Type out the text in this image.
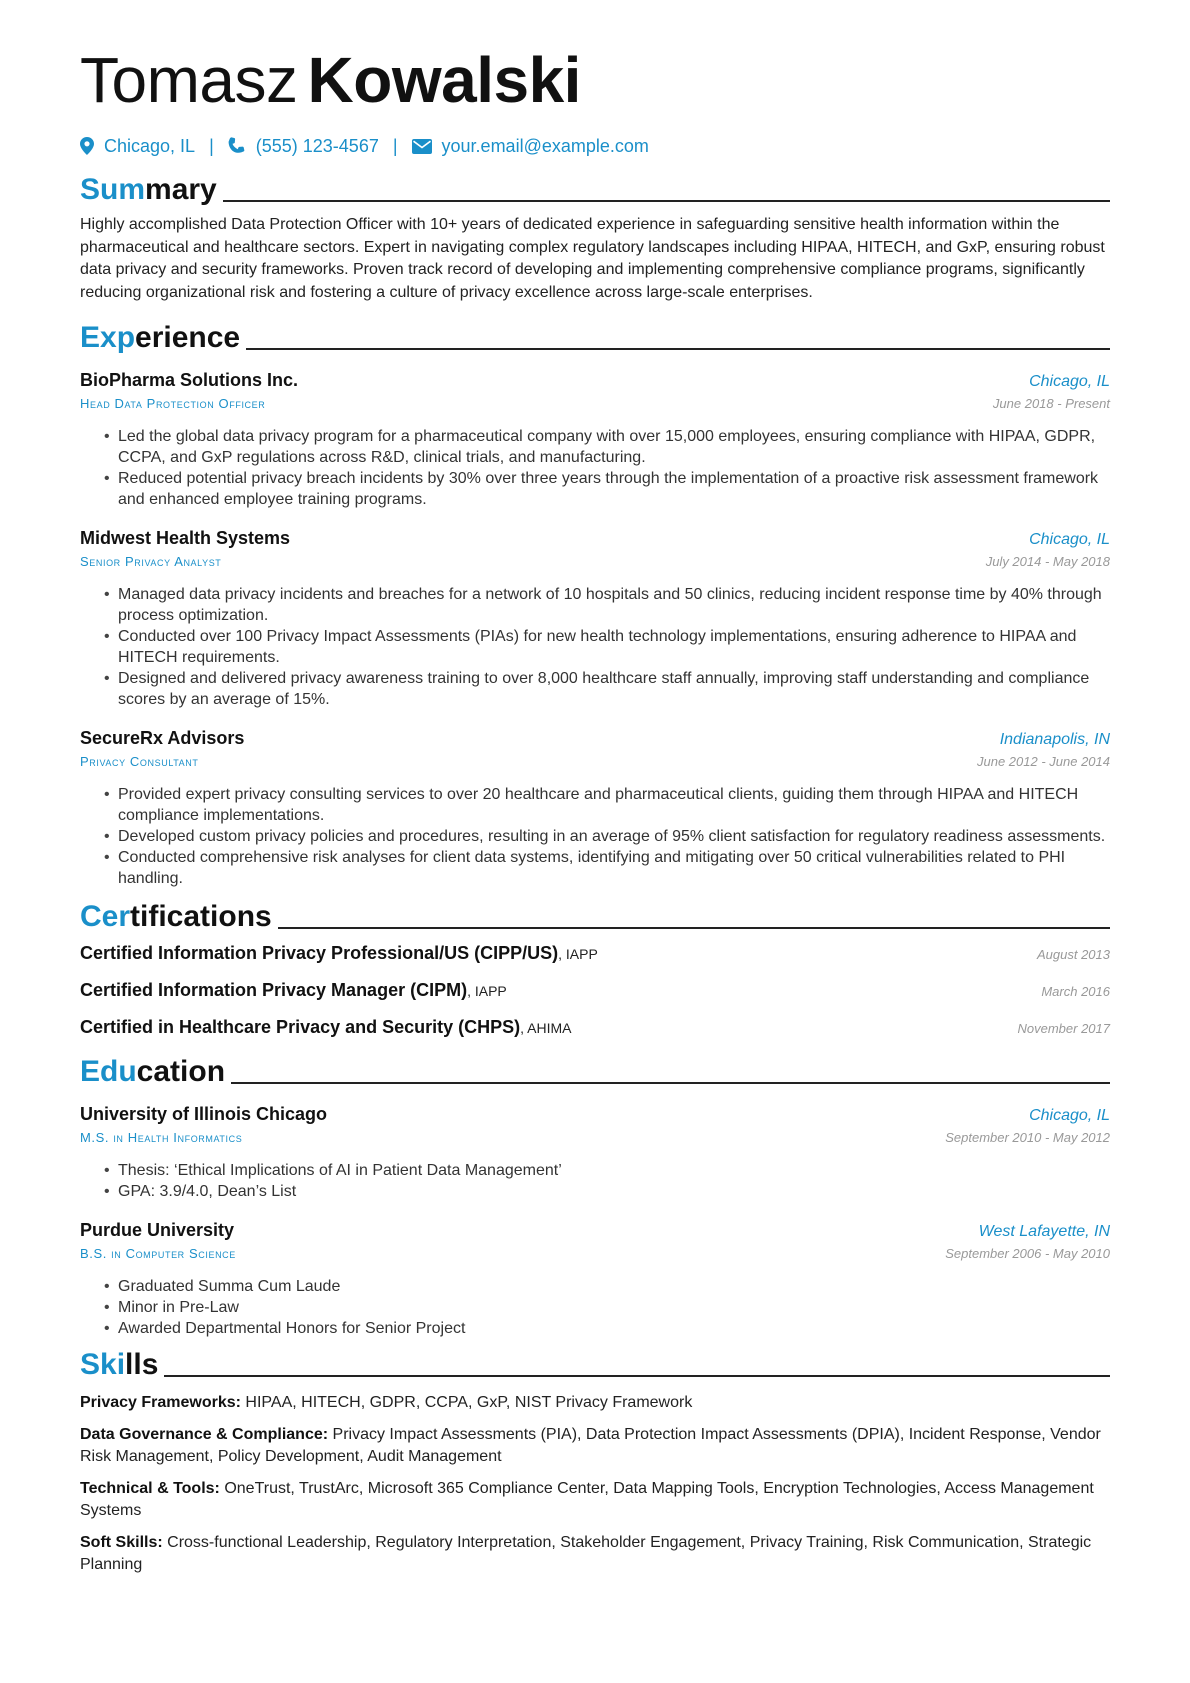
Tomasz Kowalski
Chicago, IL | (555) 123-4567 | your.email@example.com
Summary

Highly accomplished Data Protection Officer with 10+ years of dedicated experience in safeguarding sensitive health information within the pharmaceutical and healthcare sectors. Expert in navigating complex regulatory landscapes including HIPAA, HITECH, and GxP, ensuring robust data privacy and security frameworks. Proven track record of developing and implementing comprehensive compliance programs, significantly reducing organizational risk and fostering a culture of privacy excellence across large-scale enterprises.

Experience
BioPharma Solutions Inc.	Chicago, IL
Head Data Protection Officer	June 2018 - Present
• Led the global data privacy program for a pharmaceutical company with over 15,000 employees, ensuring compliance with HIPAA, GDPR, CCPA, and GxP regulations across R&D, clinical trials, and manufacturing.
• Reduced potential privacy breach incidents by 30% over three years through the implementation of a proactive risk assessment framework and enhanced employee training programs.
Midwest Health Systems	Chicago, IL
Senior Privacy Analyst	July 2014 - May 2018
• Managed data privacy incidents and breaches for a network of 10 hospitals and 50 clinics, reducing incident response time by 40% through process optimization.
• Conducted over 100 Privacy Impact Assessments (PIAs) for new health technology implementations, ensuring adherence to HIPAA and HITECH requirements.
• Designed and delivered privacy awareness training to over 8,000 healthcare staff annually, improving staff understanding and compliance scores by an average of 15%.
SecureRx Advisors	Indianapolis, IN
Privacy Consultant	June 2012 - June 2014
• Provided expert privacy consulting services to over 20 healthcare and pharmaceutical clients, guiding them through HIPAA and HITECH compliance implementations.
• Developed custom privacy policies and procedures, resulting in an average of 95% client satisfaction for regulatory readiness assessments.
• Conducted comprehensive risk analyses for client data systems, identifying and mitigating over 50 critical vulnerabilities related to PHI handling.
Certifications
Certified Information Privacy Professional/US (CIPP/US), IAPP	August 2013
Certified Information Privacy Manager (CIPM), IAPP	March 2016
Certified in Healthcare Privacy and Security (CHPS), AHIMA	November 2017
Education
University of Illinois Chicago	Chicago, IL
M.S. in Health Informatics	September 2010 - May 2012
• Thesis: ‘Ethical Implications of AI in Patient Data Management’
• GPA: 3.9/4.0, Dean’s List
Purdue University	West Lafayette, IN
B.S. in Computer Science	September 2006 - May 2010
• Graduated Summa Cum Laude
• Minor in Pre-Law
• Awarded Departmental Honors for Senior Project
Skills

Privacy Frameworks: HIPAA, HITECH, GDPR, CCPA, GxP, NIST Privacy Framework

Data Governance & Compliance: Privacy Impact Assessments (PIA), Data Protection Impact Assessments (DPIA), Incident Response, Vendor Risk Management, Policy Development, Audit Management

Technical & Tools: OneTrust, TrustArc, Microsoft 365 Compliance Center, Data Mapping Tools, Encryption Technologies, Access Management Systems

Soft Skills: Cross-functional Leadership, Regulatory Interpretation, Stakeholder Engagement, Privacy Training, Risk Communication, Strategic Planning
